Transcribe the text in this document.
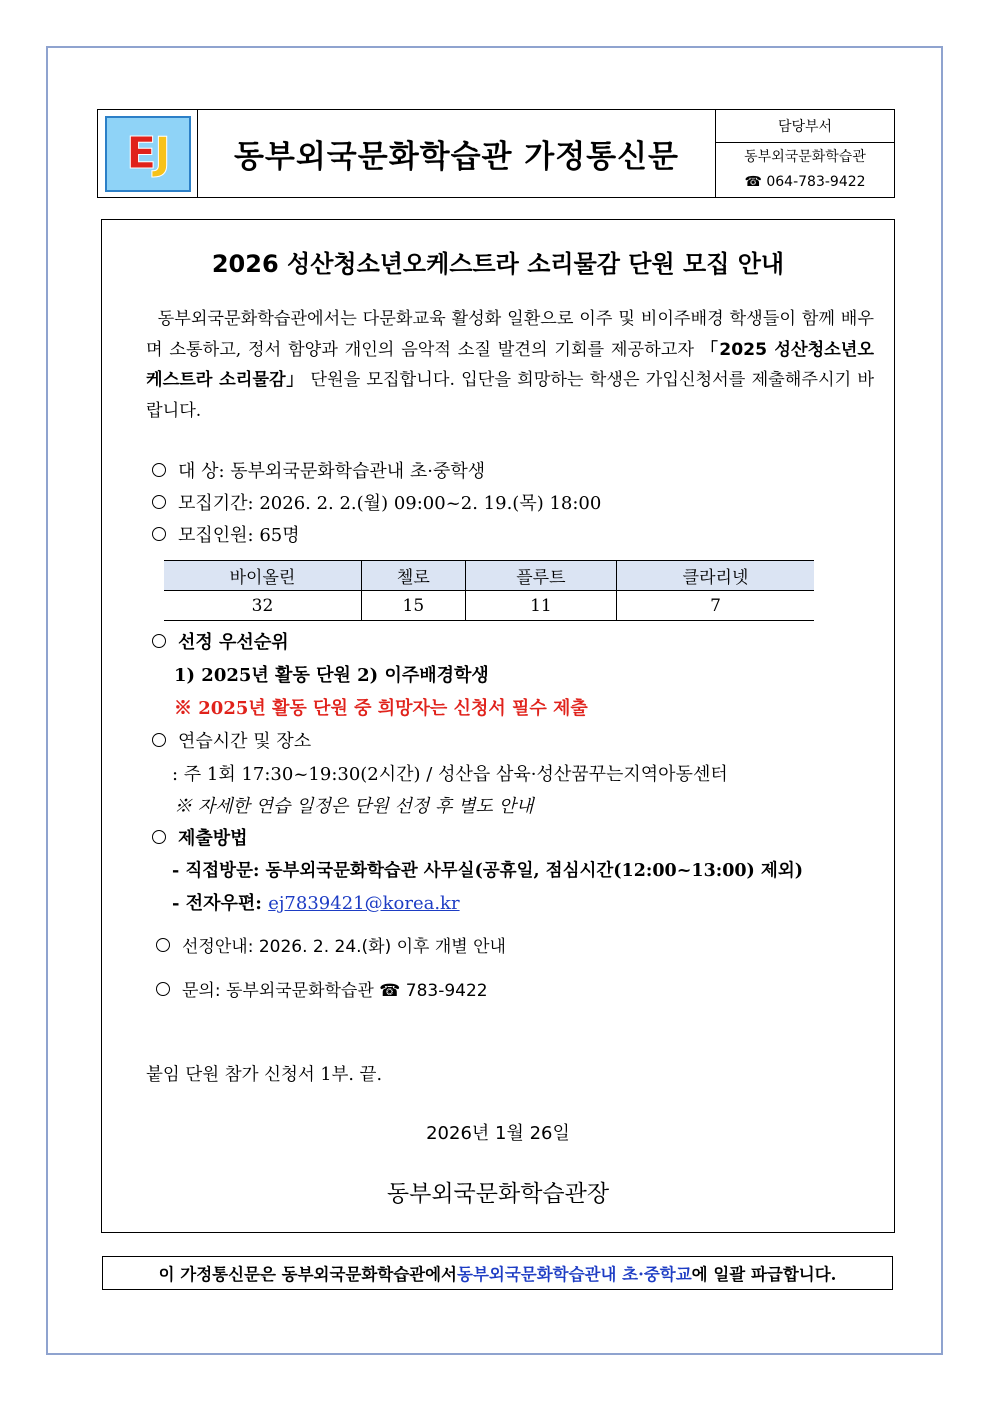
E J	동부외국문화학습관 가정통신문
담당부서
동부외국문화학습관
☎ 064-783-9422
2026 성산청소년오케스트라 소리물감 단원 모집 안내
동부외국문화학습관에서는 다문화교육 활성화 일환으로 이주 및 비이주배경 학생들이 함께 배우며 소통하고, 정서 함양과 개인의 음악적 소질 발견의 기회를 제공하고자 「2025 성산청소년오케스트라 소리물감」 단원을 모집합니다. 입단을 희망하는 학생은 가입신청서를 제출해주시기 바랍니다.
대 상: 동부외국문화학습관내 초·중학생
모집기간: 2026. 2. 2.(월) 09:00~2. 19.(목) 18:00
모집인원: 65명
바이올린	첼로	플루트	클라리넷
32	15	11	7
선정 우선순위
1) 2025년 활동 단원 2) 이주배경학생
※ 2025년 활동 단원 중 희망자는 신청서 필수 제출
연습시간 및 장소
: 주 1회 17:30~19:30(2시간) / 성산읍 삼육·성산꿈꾸는지역아동센터
※ 자세한 연습 일정은 단원 선정 후 별도 안내
제출방법
- 직접방문: 동부외국문화학습관 사무실(공휴일, 점심시간(12:00~13:00) 제외)
- 전자우편: ej7839421@korea.kr
선정안내: 2026. 2. 24.(화) 이후 개별 안내
문의: 동부외국문화학습관 ☎ 783-9422
붙임 단원 참가 신청서 1부. 끝.
2026년 1월 26일
동부외국문화학습관장
이 가정통신문은 동부외국문화학습관에서 동부외국문화학습관내 초·중학교 에 일괄 파급합니다.
